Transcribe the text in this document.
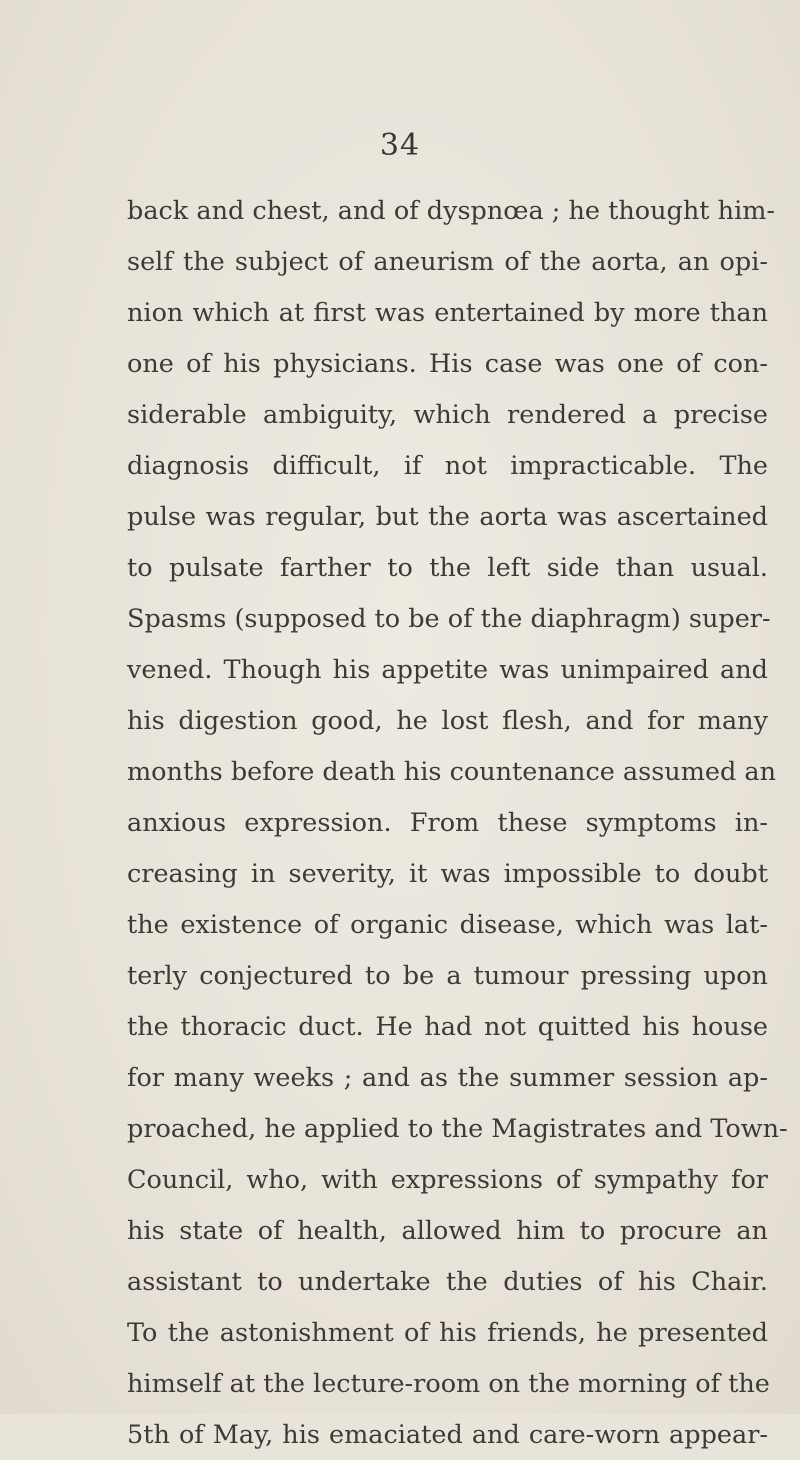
34
back and chest, and of dyspnœa ; he thought him-
self the subject of aneurism of the aorta, an opi-
nion which at first was entertained by more than
one of his physicians. His case was one of con-
siderable ambiguity, which rendered a precise
diagnosis difficult, if not impracticable. The
pulse was regular, but the aorta was ascertained
to pulsate farther to the left side than usual.
Spasms (supposed to be of the diaphragm) super-
vened. Though his appetite was unimpaired and
his digestion good, he lost flesh, and for many
months before death his countenance assumed an
anxious expression. From these symptoms in-
creasing in severity, it was impossible to doubt
the existence of organic disease, which was lat-
terly conjectured to be a tumour pressing upon
the thoracic duct. He had not quitted his house
for many weeks ; and as the summer session ap-
proached, he applied to the Magistrates and Town-
Council, who, with expressions of sympathy for
his state of health, allowed him to procure an
assistant to undertake the duties of his Chair.
To the astonishment of his friends, he presented
himself at the lecture-room on the morning of the
5th of May, his emaciated and care-worn appear-
